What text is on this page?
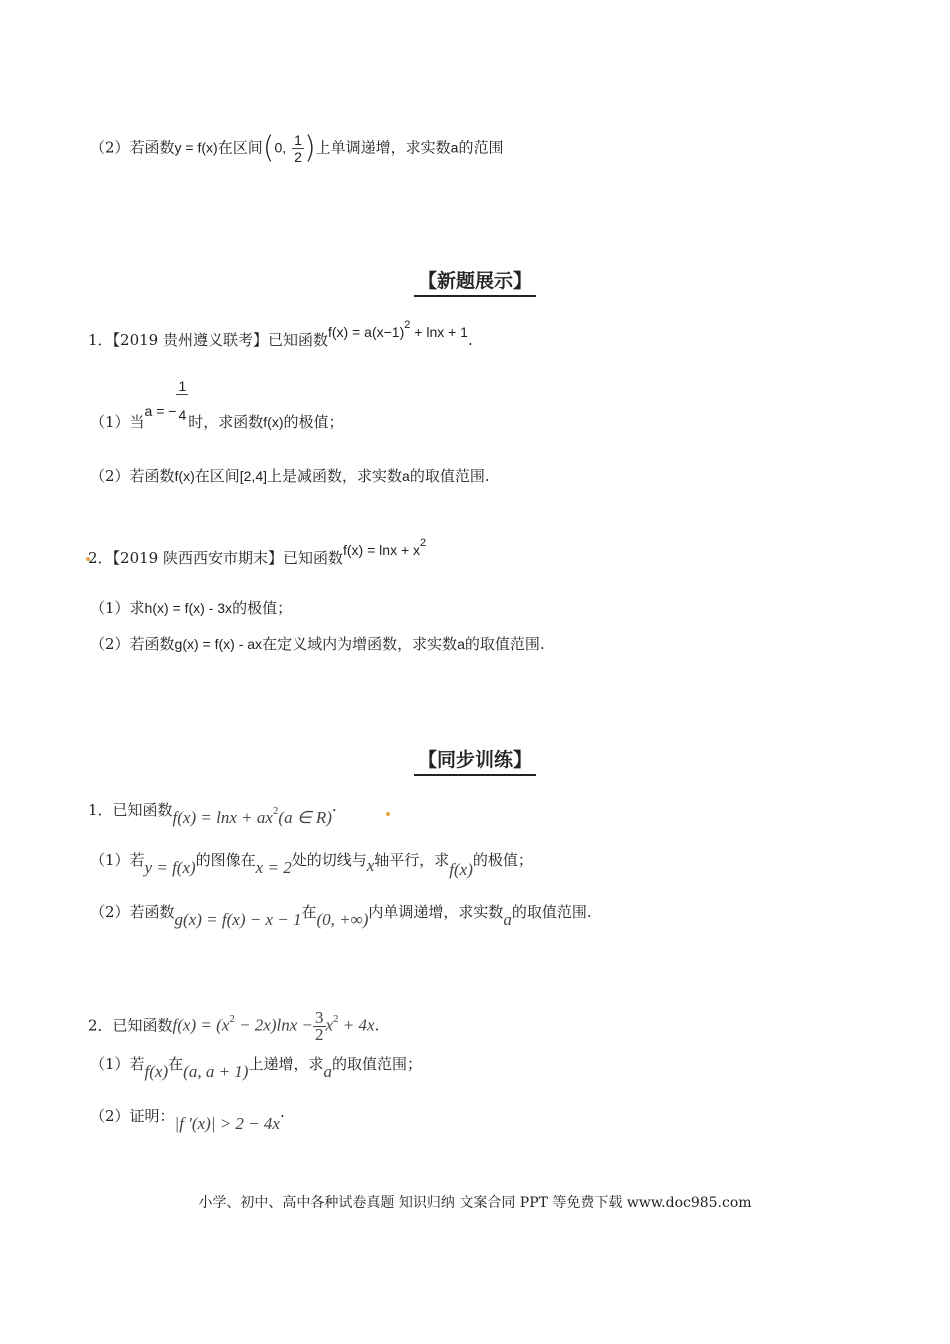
（2）若函数y = f(x)在区间(0, $\frac{1}{2}$ )上单调递增，求实数a的范围
【新题展示】
1．【2019 贵州遵义联考】已知函数$f(x) = a(x-1)^2 + \ln x + 1$.
（1）当a = − $\frac{1}{4}$
时，求函数f(x)的极值；
（2）若函数f(x)在区间[2,4]上是减函数，求实数a的取值范围.
2．【2019 陕西西安市期末】已知函数$f(x) = \ln x + x^2$
（1）求h(x) = f(x) - 3x的极值；
（2）若函数g(x) = f(x) - ax在定义域内为增函数，求实数a的取值范围.
【同步训练】
1．已知函数$f(x) = \ln x + ax^2(a$ ∈ R)·
（1）若y = f(x)的图像在x = 2处的切线与x轴平行，求f(x)的极值；
（2）若函数g(x) = f(x) − x − 1在(0, +∞)内单调递增，求实数a的取值范围.
2．已知函数$f(x) = (x^2 - 2x)\ln x - \frac{3}{2} x^2 + 4x$.
（1）若f(x)在(a, a + 1)上递增，求a的取值范围；
（2）证明：|f ′(x)| > 2 − 4x·
小学、初中、高中各种试卷真题 知识归纳 文案合同 PPT 等免费下载 www.doc985.com
